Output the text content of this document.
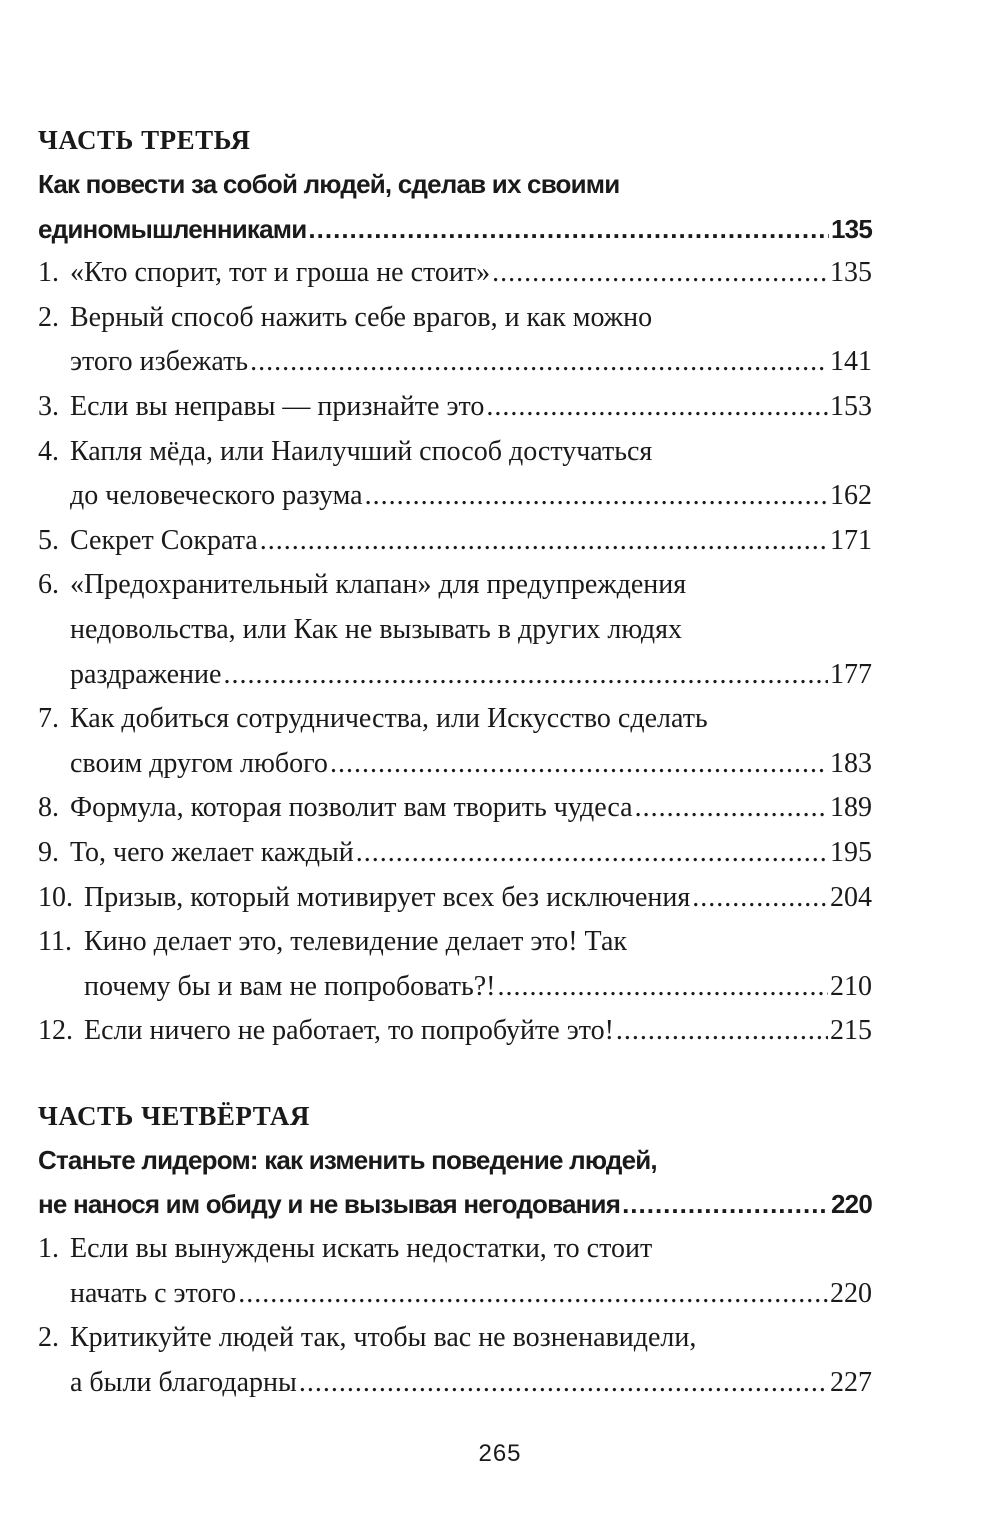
ЧАСТЬ ТРЕТЬЯ
Как повести за собой людей, сделав их своими
единомышленниками .....	135
1. «Кто спорит, тот и гроша не стоит» .....	135
2. Верный способ нажить себе врагов, и как можно
этого избежать .....	141
3. Если вы неправы — признайте это .....	153
4. Капля мёда, или Наилучший способ достучаться
до человеческого разума .....	162
5. Секрет Сократа .....	171
6. «Предохранительный клапан» для предупреждения
недовольства, или Как не вызывать в других людях
раздражение .....	177
7. Как добиться сотрудничества, или Искусство сделать
своим другом любого .....	183
8. Формула, которая позволит вам творить чудеса .....	189
9. То, чего желает каждый .....	195
10. Призыв, который мотивирует всех без исключения .....	204
11. Кино делает это, телевидение делает это! Так
почему бы и вам не попробовать?! .....	210
12. Если ничего не работает, то попробуйте это! .....	215
ЧАСТЬ ЧЕТВЁРТАЯ
Станьте лидером: как изменить поведение людей,
не нанося им обиду и не вызывая негодования .....	220
1. Если вы вынуждены искать недостатки, то стоит
начать с этого .....	220
2. Критикуйте людей так, чтобы вас не возненавидели,
а были благодарны .....	227
265
